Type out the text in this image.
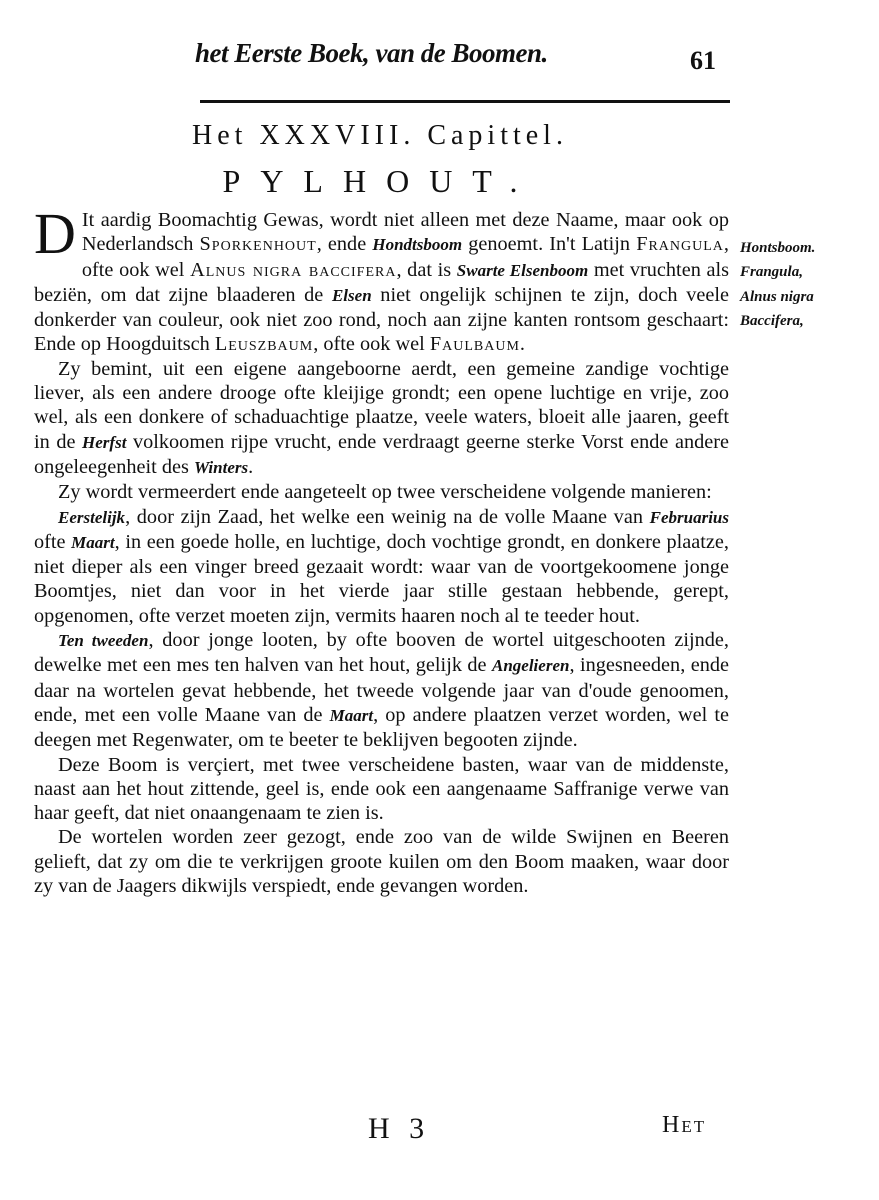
het Eerste Boek, van de Boomen.	61
Het XXXVIII. Capittel.
PYLHOUT.

D It aardig Boomachtig Gewas, wordt niet alleen met deze Naame, maar ook op Nederlandsch Sporkenhout, ende Hondtsboom genoemt. In't Latijn Frangula, ofte ook wel Alnus nigra baccifera, dat is Swarte Elsenboom met vruchten als beziën, om dat zijne blaaderen de Elsen niet ongelijk schijnen te zijn, doch veele donkerder van couleur, ook niet zoo rond, noch aan zijne kanten rontsom geschaart: Ende op Hoogduitsch Leuszbaum, ofte ook wel Faulbaum.

Zy bemint, uit een eigene aangeboorne aerdt, een gemeine zandige vochtige liever, als een andere drooge ofte kleijige grondt; een opene luchtige en vrije, zoo wel, als een donkere of schaduachtige plaatze, veele waters, bloeit alle jaaren, geeft in de Herfst volkoomen rijpe vrucht, ende verdraagt geerne sterke Vorst ende andere ongeleegenheit des Winters.

Zy wordt vermeerdert ende aangeteelt op twee verscheidene volgende manieren:

Eerstelijk, door zijn Zaad, het welke een weinig na de volle Maane van Februarius ofte Maart, in een goede holle, en luchtige, doch vochtige grondt, en donkere plaatze, niet dieper als een vinger breed gezaait wordt: waar van de voortgekoomene jonge Boomtjes, niet dan voor in het vierde jaar stille gestaan hebbende, gerept, opgenomen, ofte verzet moeten zijn, vermits haaren noch al te teeder hout.

Ten tweeden, door jonge looten, by ofte booven de wortel uitgeschooten zijnde, dewelke met een mes ten halven van het hout, gelijk de Angelieren, ingesneeden, ende daar na wortelen gevat hebbende, het tweede volgende jaar van d'oude genoomen, ende, met een volle Maane van de Maart, op andere plaatzen verzet worden, wel te deegen met Regenwater, om te beeter te beklijven begooten zijnde.

Deze Boom is verçiert, met twee verscheidene basten, waar van de middenste, naast aan het hout zittende, geel is, ende ook een aangenaame Saffranige verwe van haar geeft, dat niet onaangenaam te zien is.

De wortelen worden zeer gezogt, ende zoo van de wilde Swijnen en Beeren gelieft, dat zy om die te verkrijgen groote kuilen om den Boom maaken, waar door zy van de Jaagers dikwijls verspiedt, ende gevangen worden.

Hontsboom.
Frangula,
Alnus nigra
Baccifera,
H 3	Het
